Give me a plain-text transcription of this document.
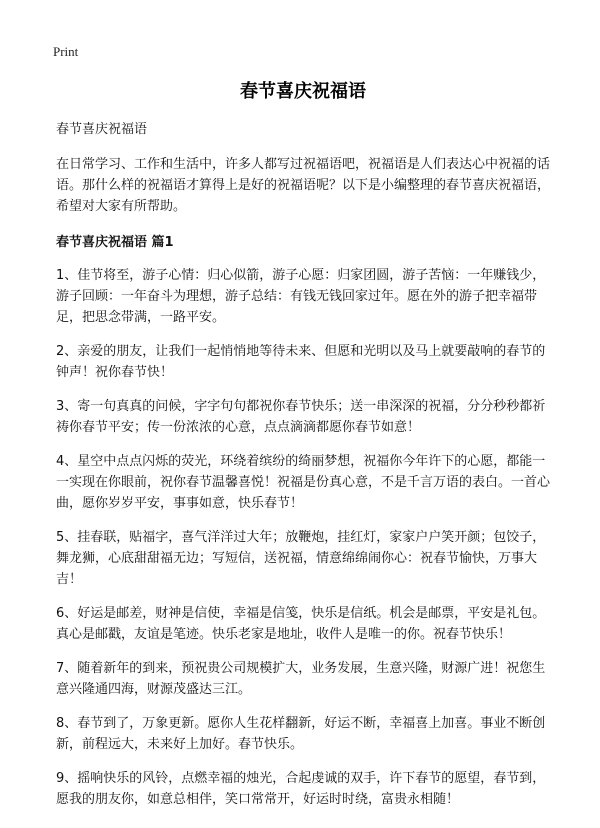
Print
春节喜庆祝福语

春节喜庆祝福语

在日常学习、工作和生活中，许多人都写过祝福语吧，祝福语是人们表达心中祝福的话语。那什么样的祝福语才算得上是好的祝福语呢？以下是小编整理的春节喜庆祝福语，希望对大家有所帮助。

春节喜庆祝福语 篇1

1、佳节将至，游子心情：归心似箭，游子心愿：归家团圆，游子苦恼：一年赚钱少，游子回顾：一年奋斗为理想，游子总结：有钱无钱回家过年。愿在外的游子把幸福带足，把思念带满，一路平安。

2、亲爱的朋友，让我们一起悄悄地等待未来、但愿和光明以及马上就要敲响的春节的钟声！祝你春节快！

3、寄一句真真的问候，字字句句都祝你春节快乐；送一串深深的祝福，分分秒秒都祈祷你春节平安；传一份浓浓的心意，点点滴滴都愿你春节如意！

4、星空中点点闪烁的荧光，环绕着缤纷的绮丽梦想，祝福你今年许下的心愿，都能一一实现在你眼前，祝你春节温馨喜悦！祝福是份真心意，不是千言万语的表白。一首心曲，愿你岁岁平安，事事如意，快乐春节！

5、挂春联，贴福字，喜气洋洋过大年；放鞭炮，挂红灯，家家户户笑开颜；包饺子，舞龙狮，心底甜甜福无边；写短信，送祝福，情意绵绵闹你心：祝春节愉快，万事大吉！

6、好运是邮差，财神是信使，幸福是信笺，快乐是信纸。机会是邮票，平安是礼包。真心是邮戳，友谊是笔迹。快乐老家是地址，收件人是唯一的你。祝春节快乐！

7、随着新年的到来，预祝贵公司规模扩大，业务发展，生意兴隆，财源广进！祝您生意兴隆通四海，财源茂盛达三江。

8、春节到了，万象更新。愿你人生花样翻新，好运不断，幸福喜上加喜。事业不断创新，前程远大，未来好上加好。春节快乐。

9、摇响快乐的风铃，点燃幸福的烛光，合起虔诚的双手，许下春节的愿望，春节到，愿我的朋友你，如意总相伴，笑口常常开，好运时时绕，富贵永相随！
